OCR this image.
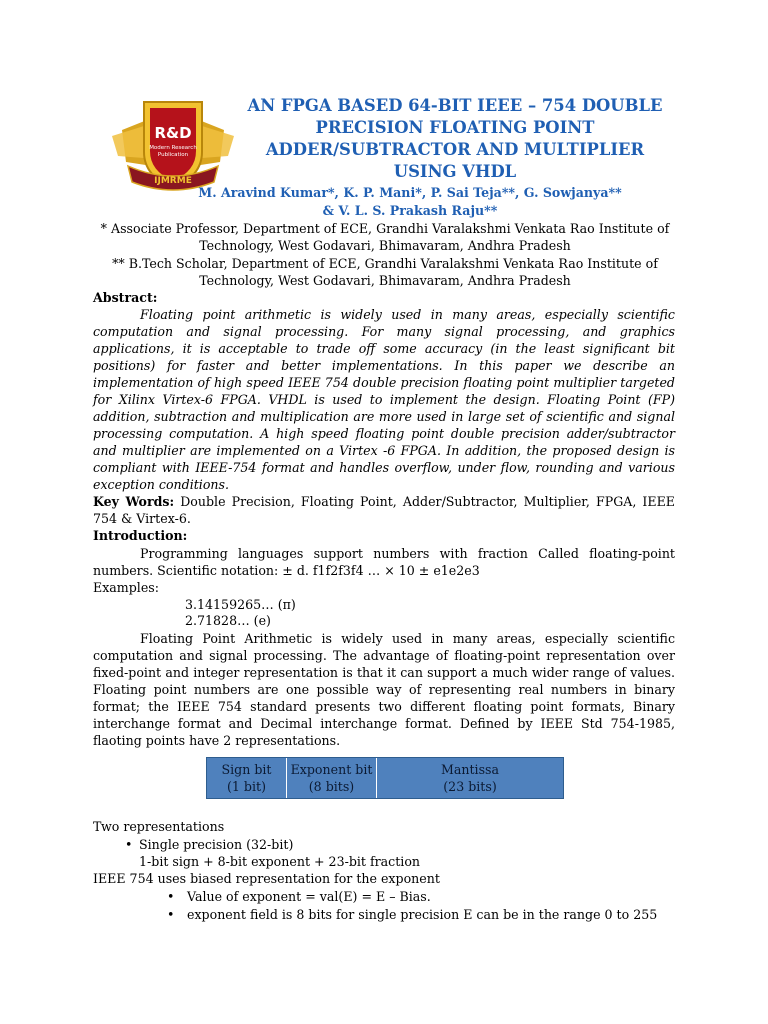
R&D
Modern Research
Publication
IJMRME
AN FPGA BASED 64-BIT IEEE – 754 DOUBLE
PRECISION FLOATING POINT
ADDER/SUBTRACTOR AND MULTIPLIER
USING VHDL
M. Aravind Kumar*, K. P. Mani*, P. Sai Teja**, G. Sowjanya**
& V. L. S. Prakash Raju**
* Associate Professor, Department of ECE, Grandhi Varalakshmi Venkata Rao Institute of
Technology, West Godavari, Bhimavaram, Andhra Pradesh
** B.Tech Scholar, Department of ECE, Grandhi Varalakshmi Venkata Rao Institute of
Technology, West Godavari, Bhimavaram, Andhra Pradesh
Abstract:

Floating point arithmetic is widely used in many areas, especially scientific computation and signal processing. For many signal processing, and graphics applications, it is acceptable to trade off some accuracy (in the least significant bit positions) for faster and better implementations. In this paper we describe an implementation of high speed IEEE 754 double precision floating point multiplier targeted for Xilinx Virtex-6 FPGA. VHDL is used to implement the design. Floating Point (FP) addition, subtraction and multiplication are more used in large set of scientific and signal processing computation. A high speed floating point double precision adder/subtractor and multiplier are implemented on a Virtex -6 FPGA. In addition, the proposed design is compliant with IEEE-754 format and handles overflow, under flow, rounding and various exception conditions.

Key Words: Double Precision, Floating Point, Adder/Subtractor, Multiplier, FPGA, IEEE 754 & Virtex-6.

Introduction:

Programming languages support numbers with fraction Called floating-point numbers. Scientific notation: ± d. f1f2f3f4 … × 10 ± e1e2e3

Examples:
3.14159265… (π)
2.71828… (e)

Floating Point Arithmetic is widely used in many areas, especially scientific computation and signal processing. The advantage of floating-point representation over fixed-point and integer representation is that it can support a much wider range of values. Floating point numbers are one possible way of representing real numbers in binary format; the IEEE 754 standard presents two different floating point formats, Binary interchange format and Decimal interchange format. Defined by IEEE Std 754-1985, flaoting points have 2 representations.

Sign bit
(1 bit)
Exponent bit
(8 bits)
Mantissa
(23 bits)
Two representations
• Single precision (32-bit)
1-bit sign + 8-bit exponent + 23-bit fraction
IEEE 754 uses biased representation for the exponent
• Value of exponent = val(E) = E – Bias.
• exponent field is 8 bits for single precision E can be in the range 0 to 255
